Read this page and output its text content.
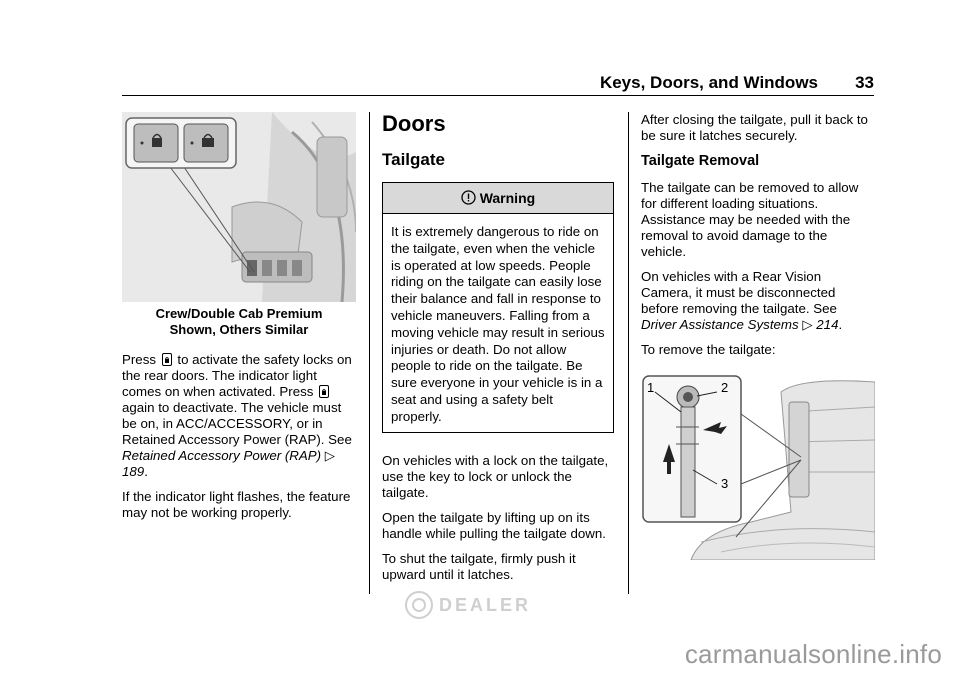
Keys, Doors, and Windows 33
Crew/Double Cab Premium
Shown, Others Similar

Press  to activate the safety locks on the rear doors. The indicator light comes on when activated. Press  again to deactivate. The vehicle must be on, in ACC/ACCESSORY, or in Retained Accessory Power (RAP). See Retained Accessory Power (RAP) ▷ 189.

If the indicator light flashes, the feature may not be working properly.

Doors
Tailgate
Warning
It is extremely dangerous to ride on the tailgate, even when the vehicle is operated at low speeds. People riding on the tailgate can easily lose their balance and fall in response to vehicle maneuvers. Falling from a moving vehicle may result in serious injuries or death. Do not allow people to ride on the tailgate. Be sure everyone in your vehicle is in a seat and using a safety belt properly.

On vehicles with a lock on the tailgate, use the key to lock or unlock the tailgate.

Open the tailgate by lifting up on its handle while pulling the tailgate down.

To shut the tailgate, firmly push it upward until it latches.

After closing the tailgate, pull it back to be sure it latches securely.

Tailgate Removal

The tailgate can be removed to allow for different loading situations. Assistance may be needed with the removal to avoid damage to the vehicle.

On vehicles with a Rear Vision Camera, it must be disconnected before removing the tailgate. See Driver Assistance Systems ▷ 214.

To remove the tailgate:

1	2
3
DEALER
carmanualsonline.info
